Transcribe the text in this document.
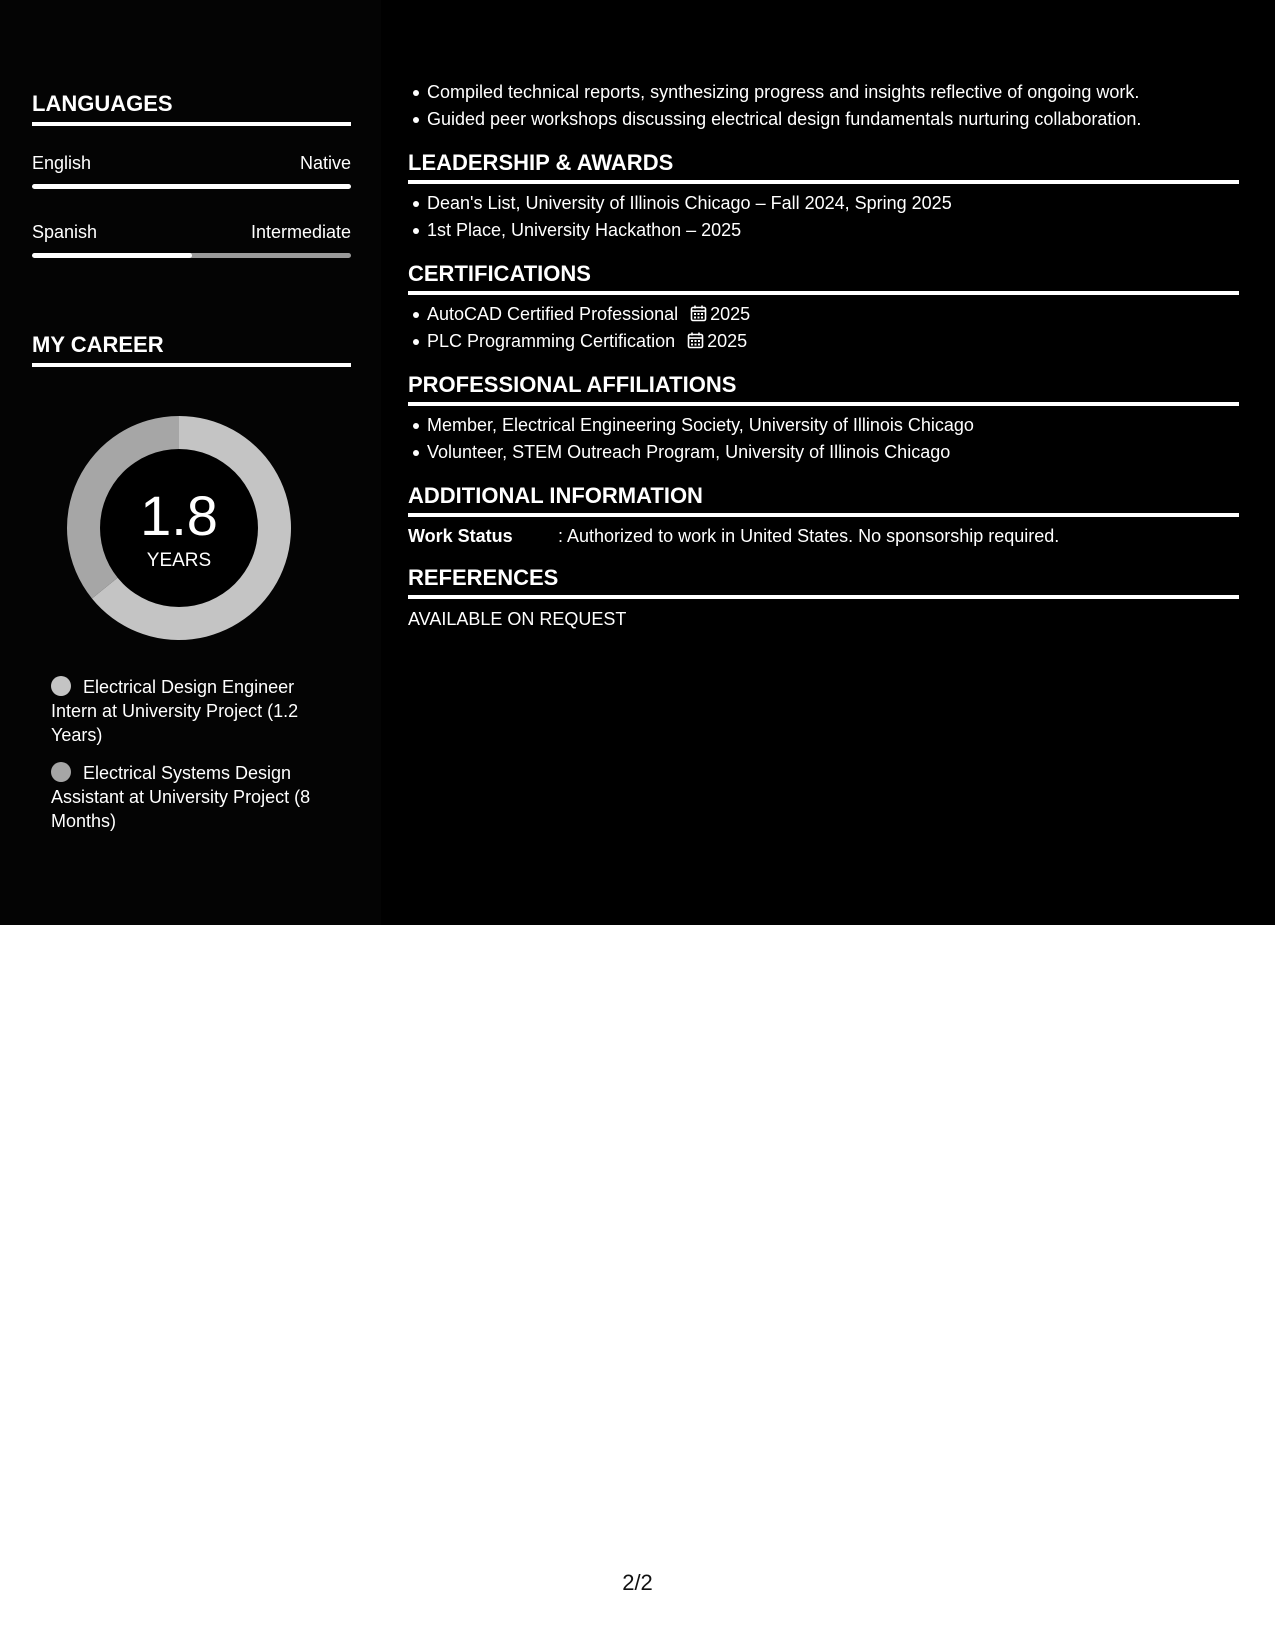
LANGUAGES
English	Native
Spanish	Intermediate
MY CAREER
1.8
YEARS
Electrical Design Engineer Intern at University Project (1.2 Years)
Electrical Systems Design Assistant at University Project (8 Months)
Compiled technical reports, synthesizing progress and insights reflective of ongoing work.
Guided peer workshops discussing electrical design fundamentals nurturing collaboration.
LEADERSHIP & AWARDS
Dean's List, University of Illinois Chicago – Fall 2024, Spring 2025
1st Place, University Hackathon – 2025
CERTIFICATIONS
AutoCAD Certified Professional 2025
PLC Programming Certification 2025
PROFESSIONAL AFFILIATIONS
Member, Electrical Engineering Society, University of Illinois Chicago
Volunteer, STEM Outreach Program, University of Illinois Chicago
ADDITIONAL INFORMATION
Work Status	: Authorized to work in United States. No sponsorship required.
REFERENCES
AVAILABLE ON REQUEST
2/2
